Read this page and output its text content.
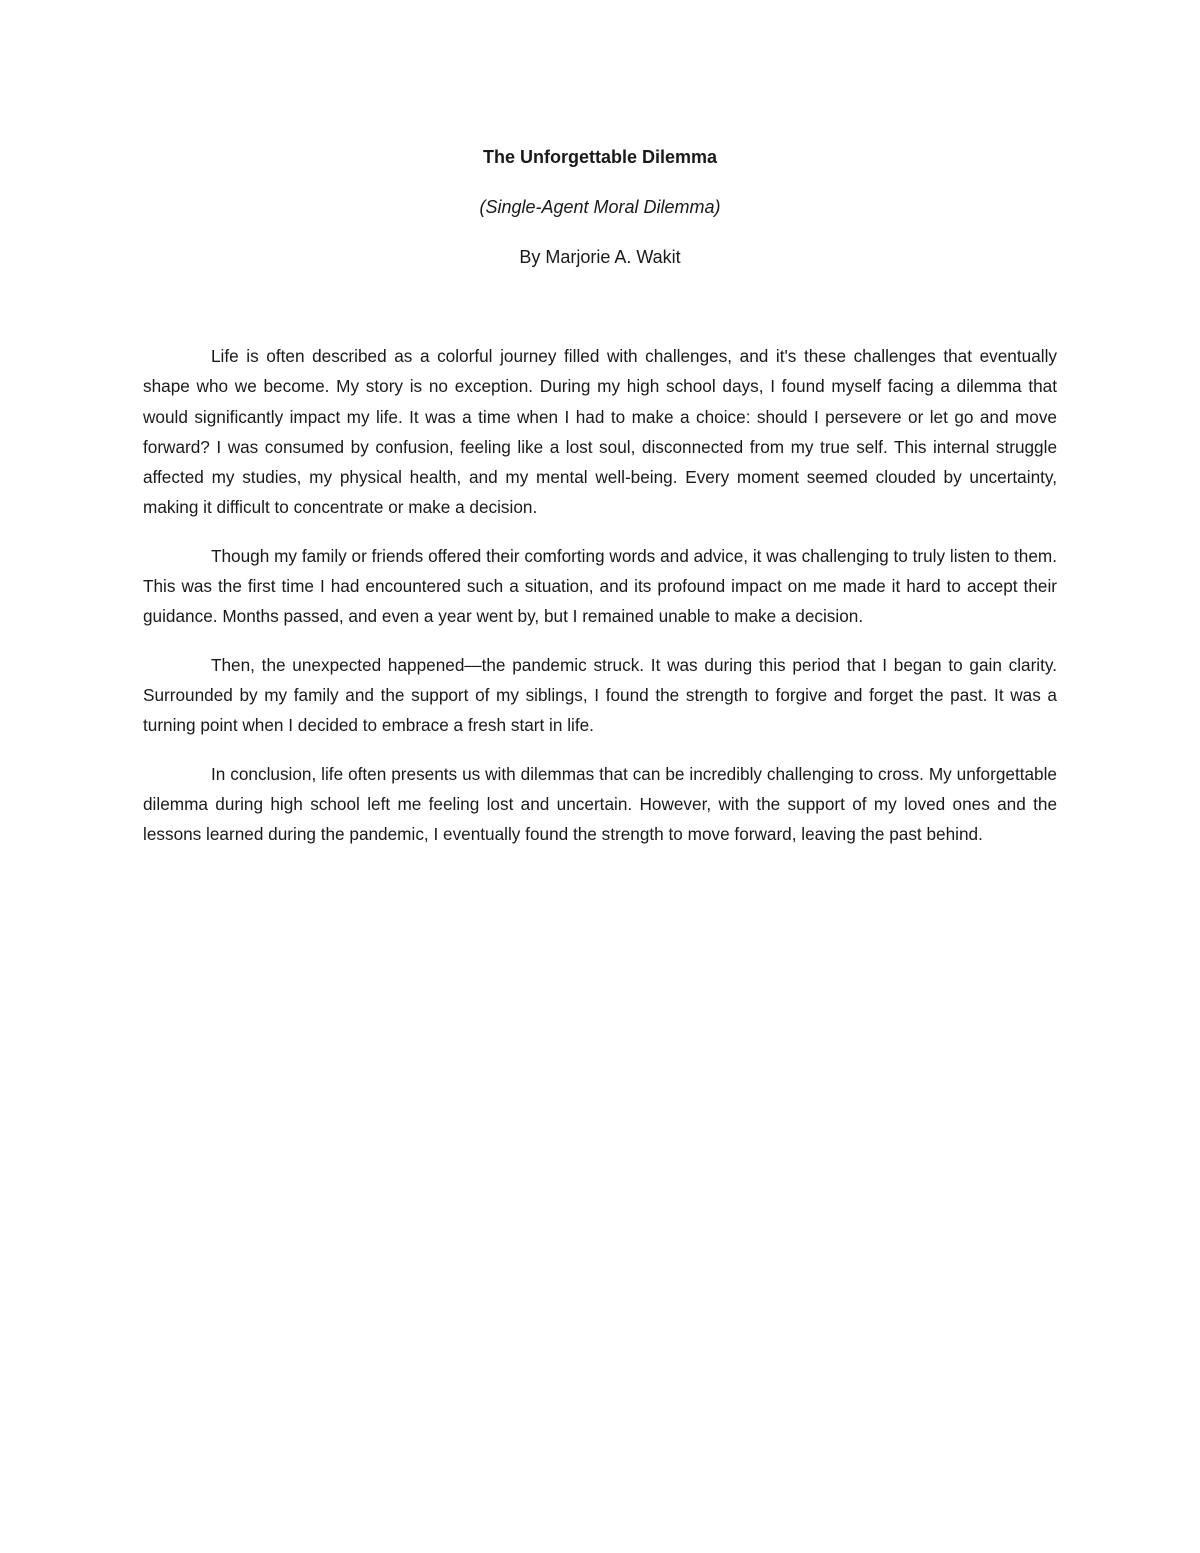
The Unforgettable Dilemma
(Single-Agent Moral Dilemma)
By Marjorie A. Wakit

Life is often described as a colorful journey filled with challenges, and it's these challenges that eventually shape who we become. My story is no exception. During my high school days, I found myself facing a dilemma that would significantly impact my life. It was a time when I had to make a choice: should I persevere or let go and move forward? I was consumed by confusion, feeling like a lost soul, disconnected from my true self. This internal struggle affected my studies, my physical health, and my mental well-being. Every moment seemed clouded by uncertainty, making it difficult to concentrate or make a decision.

Though my family or friends offered their comforting words and advice, it was challenging to truly listen to them. This was the first time I had encountered such a situation, and its profound impact on me made it hard to accept their guidance. Months passed, and even a year went by, but I remained unable to make a decision.

Then, the unexpected happened—the pandemic struck. It was during this period that I began to gain clarity. Surrounded by my family and the support of my siblings, I found the strength to forgive and forget the past. It was a turning point when I decided to embrace a fresh start in life.

In conclusion, life often presents us with dilemmas that can be incredibly challenging to cross. My unforgettable dilemma during high school left me feeling lost and uncertain. However, with the support of my loved ones and the lessons learned during the pandemic, I eventually found the strength to move forward, leaving the past behind.
